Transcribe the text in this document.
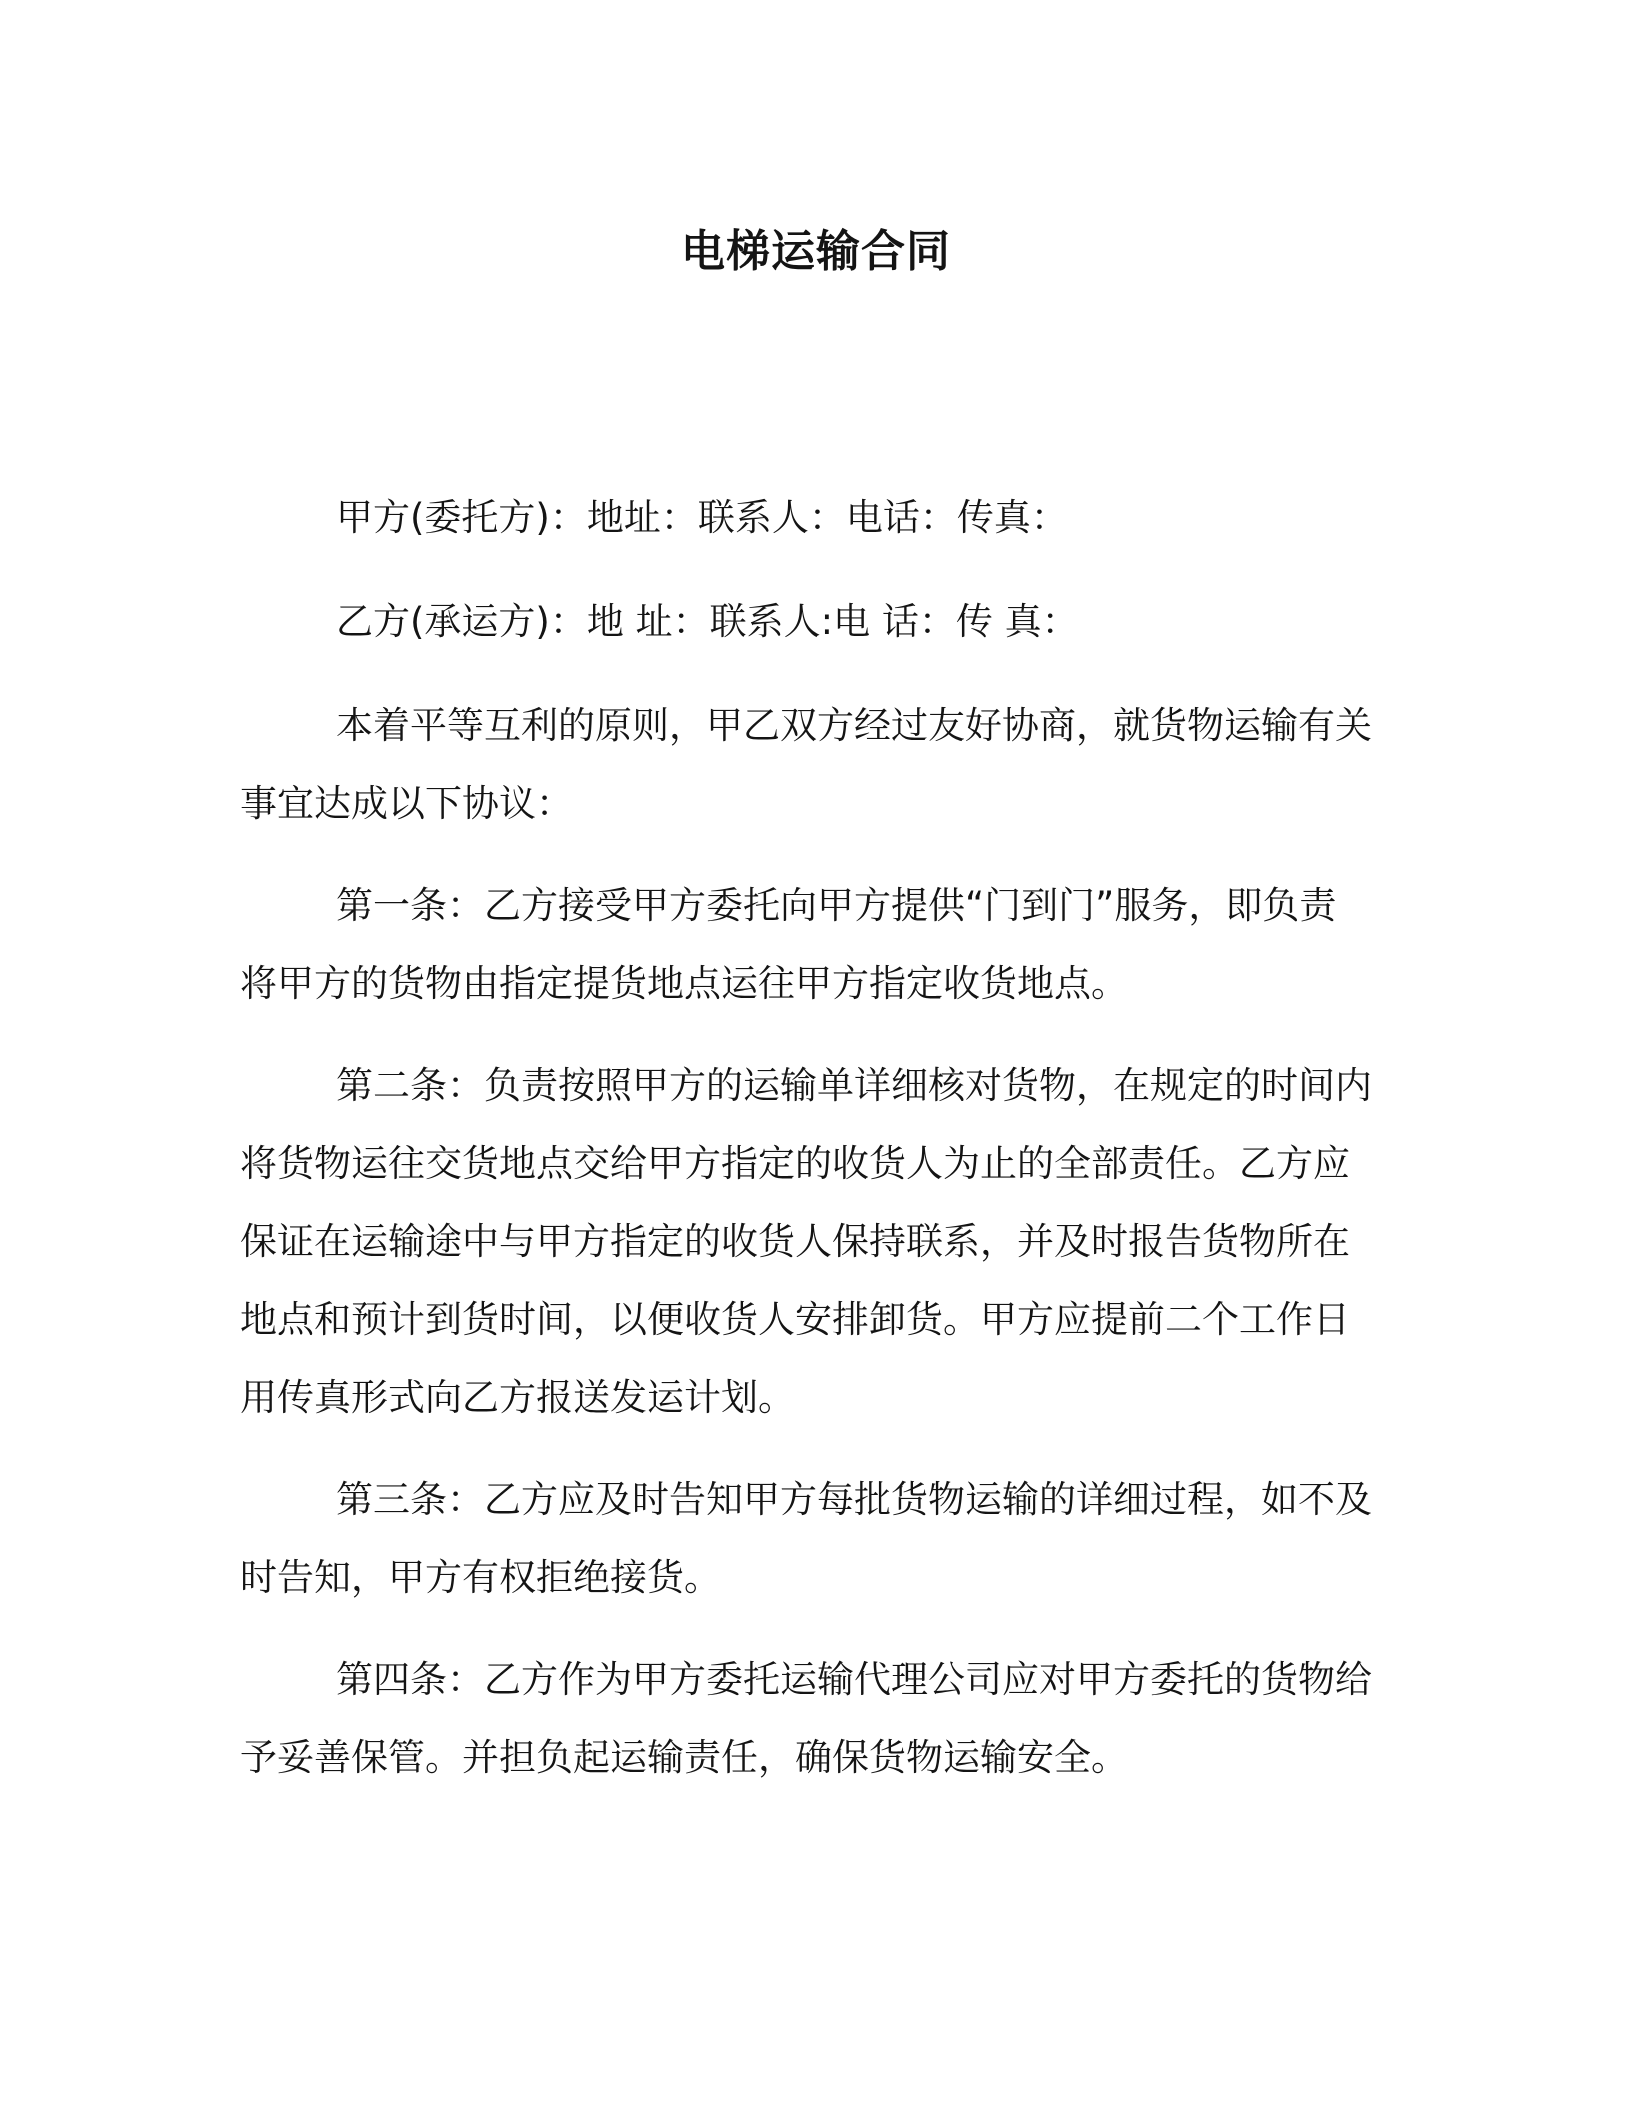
电梯运输合同
甲方(委托方)：地址：联系人：电话：传真：
乙方(承运方)：地 址：联系人:电 话：传 真：
本着平等互利的原则，甲乙双方经过友好协商，就货物运输有关
事宜达成以下协议：
第一条：乙方接受甲方委托向甲方提供“门到门”服务，即负责
将甲方的货物由指定提货地点运往甲方指定收货地点。
第二条：负责按照甲方的运输单详细核对货物，在规定的时间内
将货物运往交货地点交给甲方指定的收货人为止的全部责任。乙方应
保证在运输途中与甲方指定的收货人保持联系，并及时报告货物所在
地点和预计到货时间，以便收货人安排卸货。甲方应提前二个工作日
用传真形式向乙方报送发运计划。
第三条：乙方应及时告知甲方每批货物运输的详细过程，如不及
时告知，甲方有权拒绝接货。
第四条：乙方作为甲方委托运输代理公司应对甲方委托的货物给
予妥善保管。并担负起运输责任，确保货物运输安全。
